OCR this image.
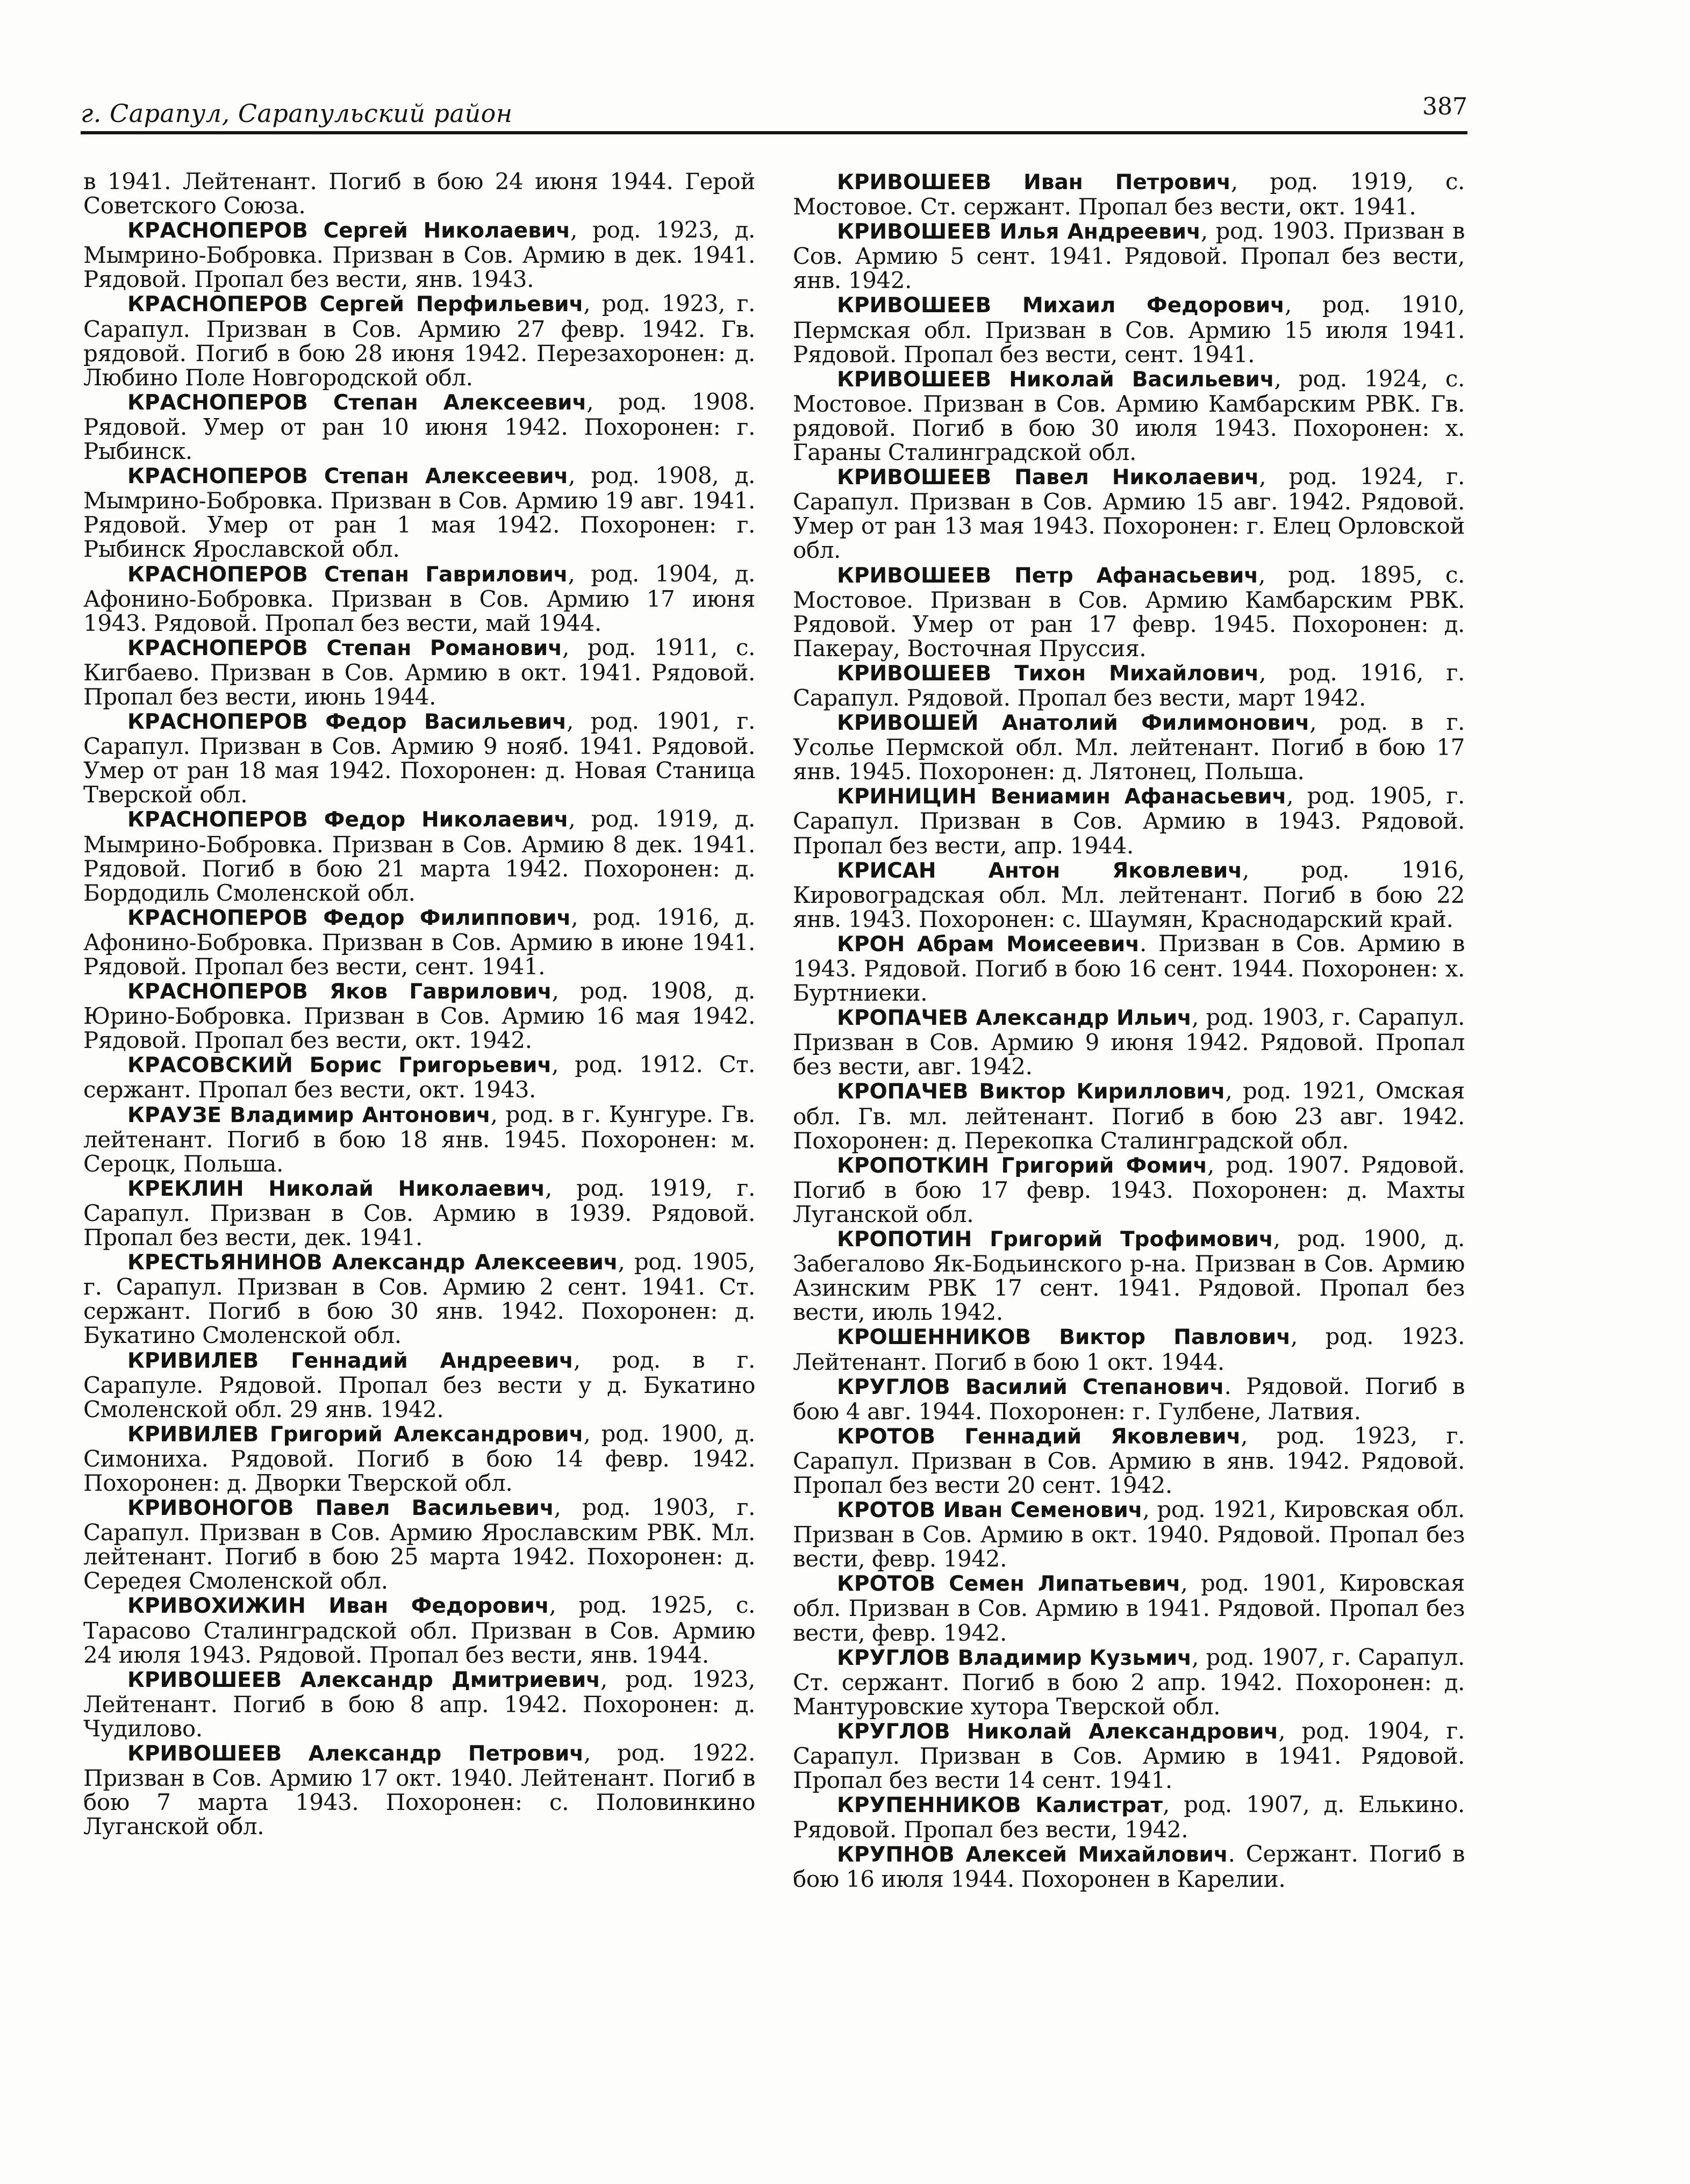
г. Сарапул, Сарапульский район	387

в 1941. Лейтенант. Погиб в бою 24 июня 1944. Герой Советского Союза.

КРАСНОПЕРОВ Сергей Николаевич, род. 1923, д. Мымрино-Бобровка. Призван в Сов. Армию в дек. 1941. Рядовой. Пропал без вести, янв. 1943.

КРАСНОПЕРОВ Сергей Перфильевич, род. 1923, г. Сарапул. Призван в Сов. Армию 27 февр. 1942. Гв. рядовой. Погиб в бою 28 июня 1942. Перезахоронен: д. Любино Поле Новгородской обл.

КРАСНОПЕРОВ Степан Алексеевич, род. 1908. Рядовой. Умер от ран 10 июня 1942. Похоронен: г. Рыбинск.

КРАСНОПЕРОВ Степан Алексеевич, род. 1908, д. Мымрино-Бобровка. Призван в Сов. Армию 19 авг. 1941. Рядовой. Умер от ран 1 мая 1942. Похоронен: г. Рыбинск Ярославской обл.

КРАСНОПЕРОВ Степан Гаврилович, род. 1904, д. Афонино-Бобровка. Призван в Сов. Армию 17 июня 1943. Рядовой. Пропал без вести, май 1944.

КРАСНОПЕРОВ Степан Романович, род. 1911, с. Кигбаево. Призван в Сов. Армию в окт. 1941. Рядовой. Пропал без вести, июнь 1944.

КРАСНОПЕРОВ Федор Васильевич, род. 1901, г. Сарапул. Призван в Сов. Армию 9 нояб. 1941. Рядовой. Умер от ран 18 мая 1942. Похоронен: д. Новая Станица Тверской обл.

КРАСНОПЕРОВ Федор Николаевич, род. 1919, д. Мымрино-Бобровка. Призван в Сов. Армию 8 дек. 1941. Рядовой. Погиб в бою 21 марта 1942. Похоронен: д. Бордодиль Смоленской обл.

КРАСНОПЕРОВ Федор Филиппович, род. 1916, д. Афонино-Бобровка. Призван в Сов. Армию в июне 1941. Рядовой. Пропал без вести, сент. 1941.

КРАСНОПЕРОВ Яков Гаврилович, род. 1908, д. Юрино-Бобровка. Призван в Сов. Армию 16 мая 1942. Рядовой. Пропал без вести, окт. 1942.

КРАСОВСКИЙ Борис Григорьевич, род. 1912. Ст. сержант. Пропал без вести, окт. 1943.

КРАУЗЕ Владимир Антонович, род. в г. Кунгуре. Гв. лейтенант. Погиб в бою 18 янв. 1945. Похоронен: м. Сероцк, Польша.

КРЕКЛИН Николай Николаевич, род. 1919, г. Сарапул. Призван в Сов. Армию в 1939. Рядовой. Пропал без вести, дек. 1941.

КРЕСТЬЯНИНОВ Александр Алексеевич, род. 1905, г. Сарапул. Призван в Сов. Армию 2 сент. 1941. Ст. сержант. Погиб в бою 30 янв. 1942. Похоронен: д. Букатино Смоленской обл.

КРИВИЛЕВ Геннадий Андреевич, род. в г. Сарапуле. Рядовой. Пропал без вести у д. Букатино Смоленской обл. 29 янв. 1942.

КРИВИЛЕВ Григорий Александрович, род. 1900, д. Симониха. Рядовой. Погиб в бою 14 февр. 1942. Похоронен: д. Дворки Тверской обл.

КРИВОНОГОВ Павел Васильевич, род. 1903, г. Сарапул. Призван в Сов. Армию Ярославским РВК. Мл. лейтенант. Погиб в бою 25 марта 1942. Похоронен: д. Середея Смоленской обл.

КРИВОХИЖИН Иван Федорович, род. 1925, с. Тарасово Сталинградской обл. Призван в Сов. Армию 24 июля 1943. Рядовой. Пропал без вести, янв. 1944.

КРИВОШЕЕВ Александр Дмитриевич, род. 1923, Лейтенант. Погиб в бою 8 апр. 1942. Похоронен: д. Чудилово.

КРИВОШЕЕВ Александр Петрович, род. 1922. Призван в Сов. Армию 17 окт. 1940. Лейтенант. Погиб в бою 7 марта 1943. Похоронен: с. Половинкино Луганской обл.

КРИВОШЕЕВ Иван Петрович, род. 1919, с. Мостовое. Ст. сержант. Пропал без вести, окт. 1941.

КРИВОШЕЕВ Илья Андреевич, род. 1903. Призван в Сов. Армию 5 сент. 1941. Рядовой. Пропал без вести, янв. 1942.

КРИВОШЕЕВ Михаил Федорович, род. 1910, Пермская обл. Призван в Сов. Армию 15 июля 1941. Рядовой. Пропал без вести, сент. 1941.

КРИВОШЕЕВ Николай Васильевич, род. 1924, с. Мостовое. Призван в Сов. Армию Камбарским РВК. Гв. рядовой. Погиб в бою 30 июля 1943. Похоронен: х. Гараны Сталинградской обл.

КРИВОШЕЕВ Павел Николаевич, род. 1924, г. Сарапул. Призван в Сов. Армию 15 авг. 1942. Рядовой. Умер от ран 13 мая 1943. Похоронен: г. Елец Орловской обл.

КРИВОШЕЕВ Петр Афанасьевич, род. 1895, с. Мостовое. Призван в Сов. Армию Камбарским РВК. Рядовой. Умер от ран 17 февр. 1945. Похоронен: д. Пакерау, Восточная Пруссия.

КРИВОШЕЕВ Тихон Михайлович, род. 1916, г. Сарапул. Рядовой. Пропал без вести, март 1942.

КРИВОШЕЙ Анатолий Филимонович, род. в г. Усолье Пермской обл. Мл. лейтенант. Погиб в бою 17 янв. 1945. Похоронен: д. Лятонец, Польша.

КРИНИЦИН Вениамин Афанасьевич, род. 1905, г. Сарапул. Призван в Сов. Армию в 1943. Рядовой. Пропал без вести, апр. 1944.

КРИСАН Антон Яковлевич, род. 1916, Кировоградская обл. Мл. лейтенант. Погиб в бою 22 янв. 1943. Похоронен: с. Шаумян, Краснодарский край.

КРОН Абрам Моисеевич. Призван в Сов. Армию в 1943. Рядовой. Погиб в бою 16 сент. 1944. Похоронен: х. Буртниеки.

КРОПАЧЕВ Александр Ильич, род. 1903, г. Сарапул. Призван в Сов. Армию 9 июня 1942. Рядовой. Пропал без вести, авг. 1942.

КРОПАЧЕВ Виктор Кириллович, род. 1921, Омская обл. Гв. мл. лейтенант. Погиб в бою 23 авг. 1942. Похоронен: д. Перекопка Сталинградской обл.

КРОПОТКИН Григорий Фомич, род. 1907. Рядовой. Погиб в бою 17 февр. 1943. Похоронен: д. Махты Луганской обл.

КРОПОТИН Григорий Трофимович, род. 1900, д. Забегалово Як-Бодьинского р-на. Призван в Сов. Армию Азинским РВК 17 сент. 1941. Рядовой. Пропал без вести, июль 1942.

КРОШЕННИКОВ Виктор Павлович, род. 1923. Лейтенант. Погиб в бою 1 окт. 1944.

КРУГЛОВ Василий Степанович. Рядовой. Погиб в бою 4 авг. 1944. Похоронен: г. Гулбене, Латвия.

КРОТОВ Геннадий Яковлевич, род. 1923, г. Сарапул. Призван в Сов. Армию в янв. 1942. Рядовой. Пропал без вести 20 сент. 1942.

КРОТОВ Иван Семенович, род. 1921, Кировская обл. Призван в Сов. Армию в окт. 1940. Рядовой. Пропал без вести, февр. 1942.

КРОТОВ Семен Липатьевич, род. 1901, Кировская обл. Призван в Сов. Армию в 1941. Рядовой. Пропал без вести, февр. 1942.

КРУГЛОВ Владимир Кузьмич, род. 1907, г. Сарапул. Ст. сержант. Погиб в бою 2 апр. 1942. Похоронен: д. Мантуровские хутора Тверской обл.

КРУГЛОВ Николай Александрович, род. 1904, г. Сарапул. Призван в Сов. Армию в 1941. Рядовой. Пропал без вести 14 сент. 1941.

КРУПЕННИКОВ Калистрат, род. 1907, д. Елькино. Рядовой. Пропал без вести, 1942.

КРУПНОВ Алексей Михайлович. Сержант. Погиб в бою 16 июля 1944. Похоронен в Карелии.
